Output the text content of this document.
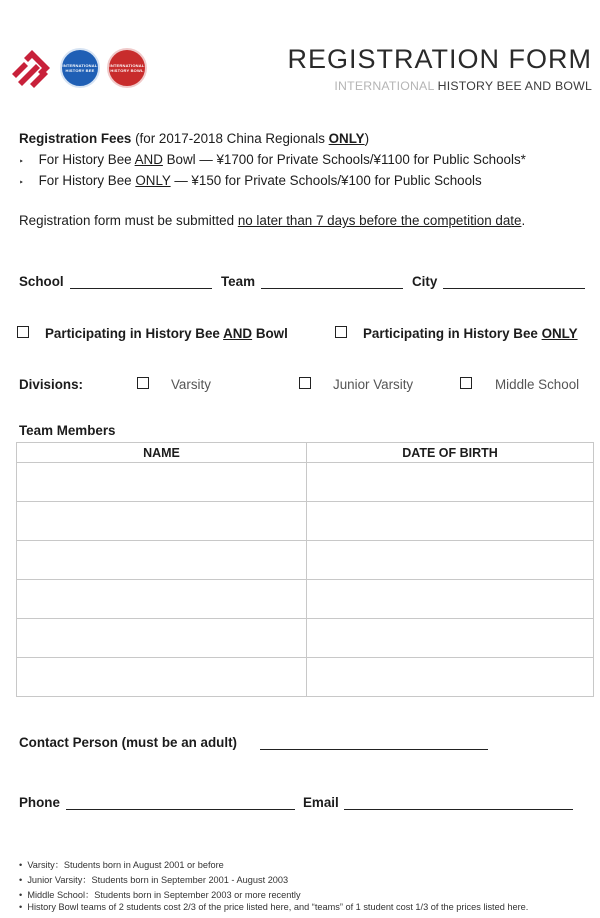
INTERNATIONAL HISTORY BEE
INTERNATIONAL HISTORY BOWL	REGISTRATION FORM
INTERNATIONAL HISTORY BEE AND BOWL
Registration Fees (for 2017-2018 China Regionals ONLY)
‣ For History Bee AND Bowl — ¥1700 for Private Schools/¥1100 for Public Schools*
‣ For History Bee ONLY — ¥150 for Private Schools/¥100 for Public Schools
Registration form must be submitted no later than 7 days before the competition date.
School	Team	City
Participating in History Bee AND Bowl	Participating in History Bee ONLY
Divisions:	Varsity	Junior Varsity	Middle School
Team Members
NAME	DATE OF BIRTH

Contact Person (must be an adult)
Phone	Email
• Varsity：Students born in August 2001 or before
• Junior Varsity：Students born in September 2001 - August 2003
• Middle School：Students born in September 2003 or more recently
• History Bowl teams of 2 students cost 2/3 of the price listed here, and “teams” of 1 student cost 1/3 of the prices listed here.
